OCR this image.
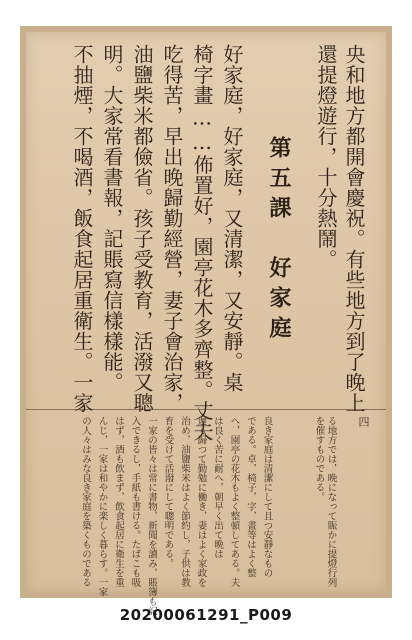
四
央和地方都開會慶祝。有些地方到了晚上
還提燈遊行，十分熱鬧。
第五課　好家庭
好家庭，好家庭，又清潔，又安靜。桌
椅字畫……佈置好，園亭花木多齊整。丈夫
吃得苦，早出晚歸勤經營，妻子會治家，
油鹽柴米都儉省。孩子受教育，活潑又聰
明。大家常看書報，記賬寫信樣樣能。
不抽煙，不喝酒，飯食起居重衛生。一家
る地方では，晩になって賑かに提燈行列
を催すものである。
良き家庭は清潔にして且つ安靜なもの
である。卓，椅子，字，畫等はよく整
へ，園亭の花木もよく整頓してある。夫
は良く苦に耐へ，朝早く出て晩は
遲く歸つて勤勉に働き，妻はよく家政を
治め，油鹽柴米はよく節約し，子供は教
育を受けて活潑にして聰明である。
一家の皆々は常に書物，新聞を讀み，賬簿も記
入できるし，手紙も書ける。たばこも吸
はず，酒も飲まず，飲食起居に衛生を重
んじ，一家は和やかに楽しく暮らす。一家
の人々はみな良き家庭を築くものである
20200061291_P009
